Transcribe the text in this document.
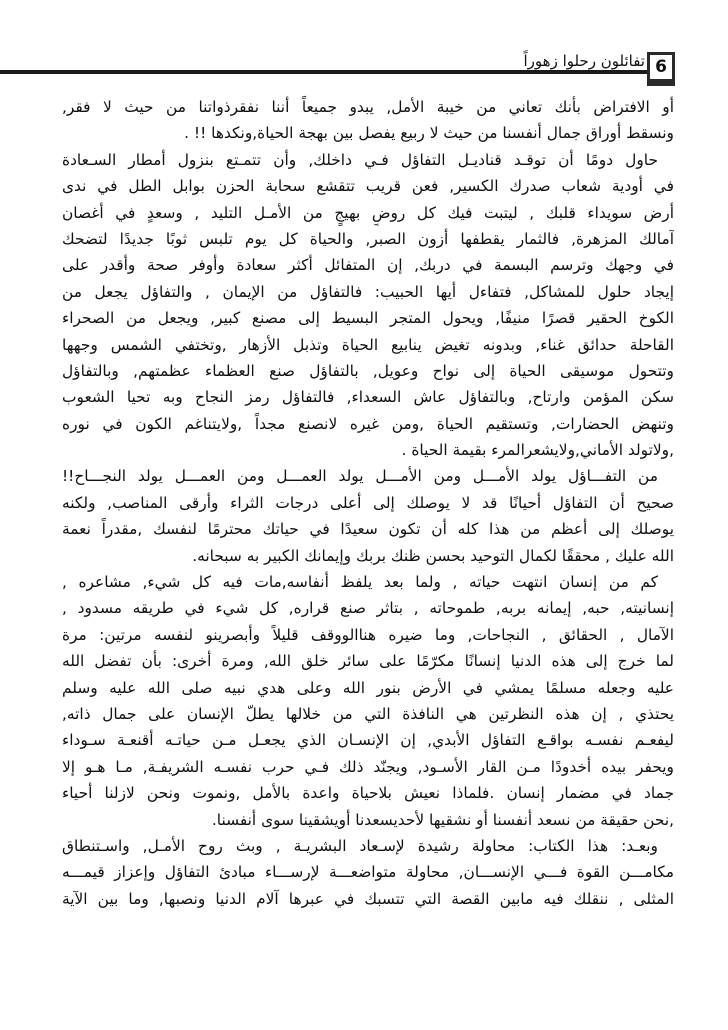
تفائلون رحلوا زهوراً 6
أو الافتراض بأنك تعاني من خيبة الأمل, يبدو جميعاً أننا نفقرذواتنا من حيث لا فقر,
ونسقط أوراق جمال أنفسنا من حيث لا ربيع يفصل بين بهجة الحياة,ونكدها !! .
حاول دومًا أن توقـد قناديـل التفاؤل فـي داخلك, وأن تتمـتع بنزول أمطار السـعادة
في أودية شعاب صدرك الكسير, فعن قريب تتقشع سحابة الحزن بوابل الطل في ندى
أرض سويداء قلبك , ليتبت فيك كل روضٍ بهيجٍ من الأمـل التليد , وسعدٍ في أغصان
آمالك المزهرة, فالثمار يقطفها أزون الصبر, والحياة كل يوم تلبس ثوبًا جديدًا لتضحك
في وجهك وترسم البسمة في دربك, إن المتفائل أكثر سعادة وأوفر صحة وأقدر على
إيجاد حلول للمشاكل, فتفاءل أيها الحبيب: فالتفاؤل من الإيمان , والتفاؤل يجعل من
الكوخ الحقير قصرًا منيفًا, ويحول المتجر البسيط إلى مصنع كبير, ويجعل من الصحراء
القاحلة حدائق غناء, وبدونه تغيض ينابيع الحياة وتذبل الأزهار ,وتختفي الشمس وجهها
وتتحول موسيقى الحياة إلى نواح وعويل, بالتفاؤل صنع العظماء عظمتهم, وبالتفاؤل
سكن المؤمن وارتاح, وبالتفاؤل عاش السعداء, فالتفاؤل رمز النجاح وبه تحيا الشعوب
وتنهض الحضارات, وتستقيم الحياة ,ومن غيره لانصنع مجداً ,ولايتناغم الكون في نوره
,ولاتولد الأماني,ولايشعرالمرء بقيمة الحياة .
من التفـــاؤل يولد الأمـــل ومن الأمـــل يولد العمـــل ومن العمـــل يولد النجـــاح!!
صحيح أن التفاؤل أحيانًا قد لا يوصلك إلى أعلى درجات الثراء وأرقى المناصب, ولكنه
يوصلك إلى أعظم من هذا كله أن تكون سعيدًا في حياتك محترمًا لنفسك ,مقدراً نعمة
الله عليك , محققًا لكمال التوحيد بحسن ظنك بربك وإيمانك الكبير به سبحانه.
كم من إنسان انتهت حياته , ولما بعد يلفظ أنفاسه,مات فيه كل شيء, مشاعره ,
إنسانيته, حبه, إيمانه بربه, طموحاته , بتاثر صنع قراره, كل شيء في طريقه مسدود ,
الآمال , الحقائق , النجاحات, وما ضيره هناالووقف قليلاً وأبصرينو لنفسه مرتين: مرة
لما خرج إلى هذه الدنيا إنسانًا مكرّمًا على سائر خلق الله, ومرة أخرى: بأن تفضل الله
عليه وجعله مسلمًا يمشي في الأرض بنور الله وعلى هدي نبيه صلى الله عليه وسلم
يحتذي , إن هذه النظرتين هي النافذة التي من خلالها يطلّ الإنسان على جمال ذاته,
ليفعـم نفسـه بواقـع التفاؤل الأبدي, إن الإنسـان الذي يجعـل مـن حياتـه أقنعـة سـوداء
ويحفر بيده أخدودًا مـن القار الأسـود, ويجنّد ذلك فـي حرب نفسـه الشريفـة, مـا هـو إلا
جماد في مضمار إنسان .فلماذا نعيش بلاحياة واعدة بالأمل ,ونموت ونحن لازلنا أحياء
,نحن حقيقة من نسعد أنفسنا أو نشقيها لأحديسعدنا أويشقينا سوى أنفسنا.
وبعـد: هذا الكتاب: محاولة رشيدة لإسـعاد البشريـة , وبث روح الأمـل, واسـتنطاق
مكامـــن القوة فـــي الإنســـان, محاولة متواضعـــة لإرســـاء مبادئ التفاؤل وإعزاز قيمـــه
المثلى , ننقلك فيه مابين القصة التي تتسبك في عبرها آلام الدنيا ونصبها, وما بين الآية
